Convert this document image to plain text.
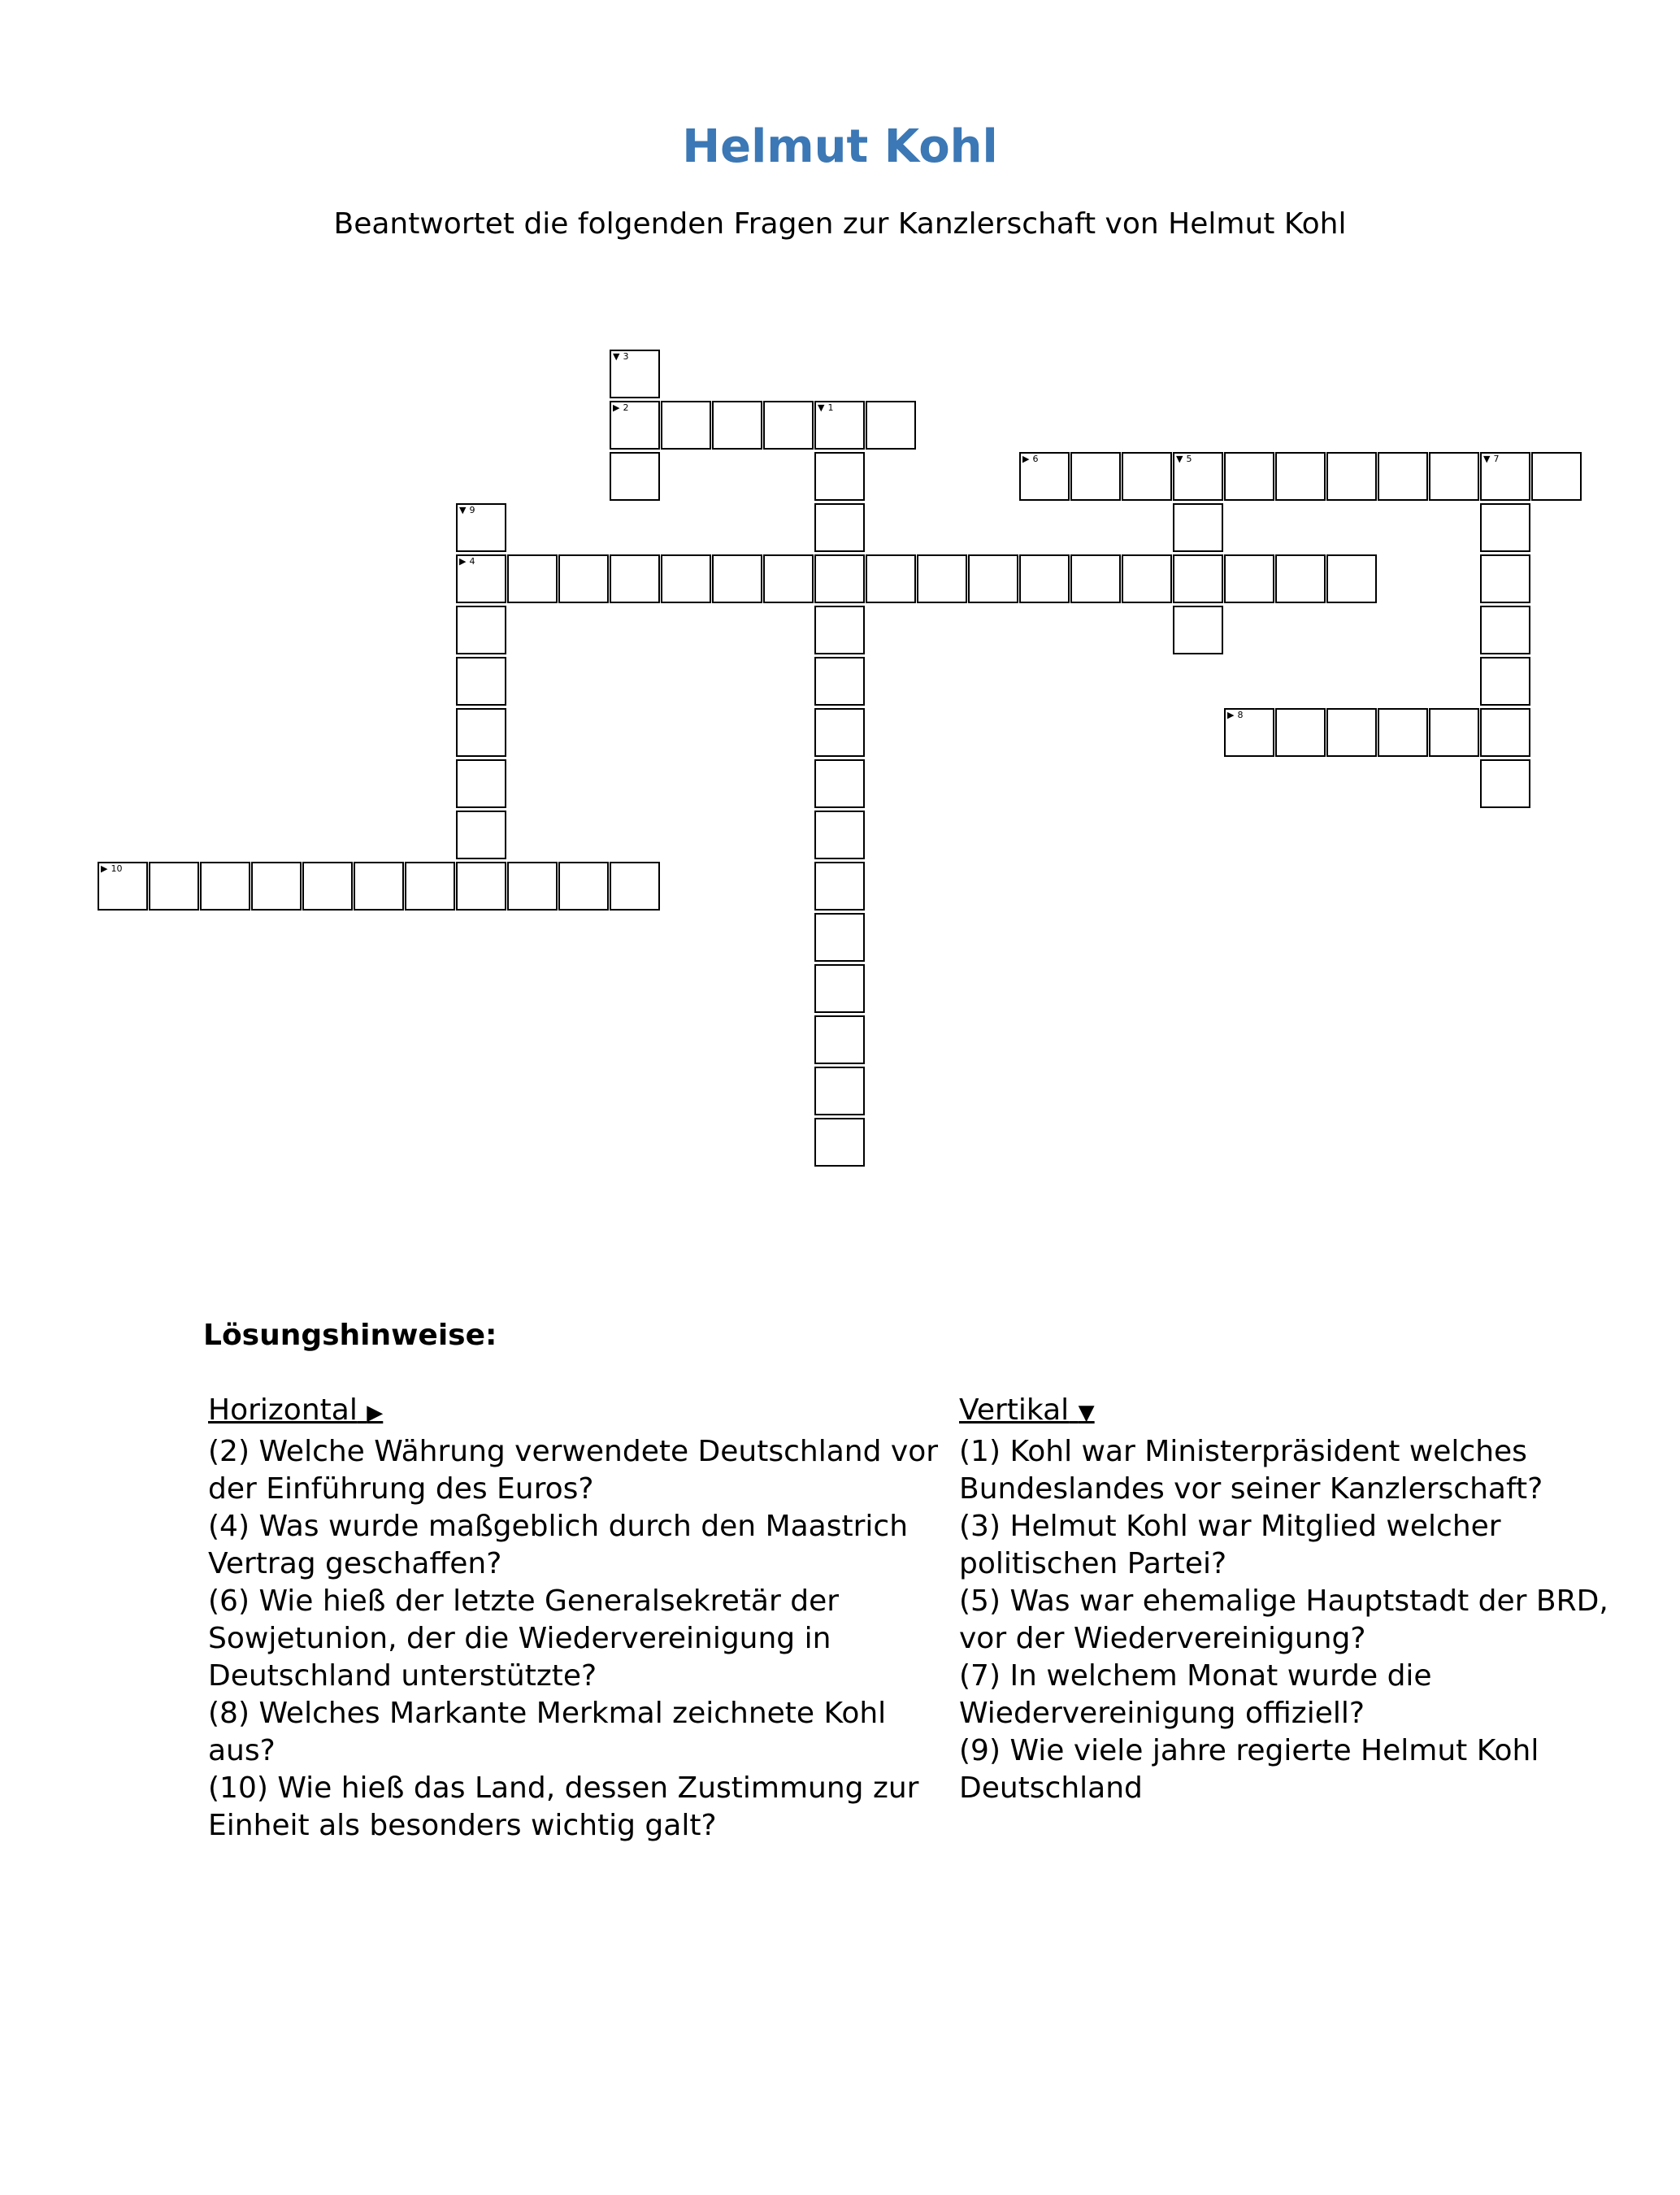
Helmut Kohl

Beantwortet die folgenden Fragen zur Kanzlerschaft von Helmut Kohl

▶ 2	▼ 1
▶ 6	▼ 5	▼ 7
▶ 4
▶ 8
▶ 10
▼ 3
▼ 9
Lösungshinweise:
Horizontal ▶

(2) Welche Währung verwendete Deutschland vor der Einführung des Euros?

(4) Was wurde maßgeblich durch den Maastrich Vertrag geschaffen?

(6) Wie hieß der letzte Generalsekretär der Sowjetunion, der die Wiedervereinigung in Deutschland unterstützte?

(8) Welches Markante Merkmal zeichnete Kohl aus?

(10) Wie hieß das Land, dessen Zustimmung zur Einheit als besonders wichtig galt?

Vertikal ▼

(1) Kohl war Ministerpräsident welches Bundeslandes vor seiner Kanzlerschaft?

(3) Helmut Kohl war Mitglied welcher politischen Partei?

(5) Was war ehemalige Hauptstadt der BRD, vor der Wiedervereinigung?

(7) In welchem Monat wurde die Wiedervereinigung offiziell?

(9) Wie viele jahre regierte Helmut Kohl Deutschland
